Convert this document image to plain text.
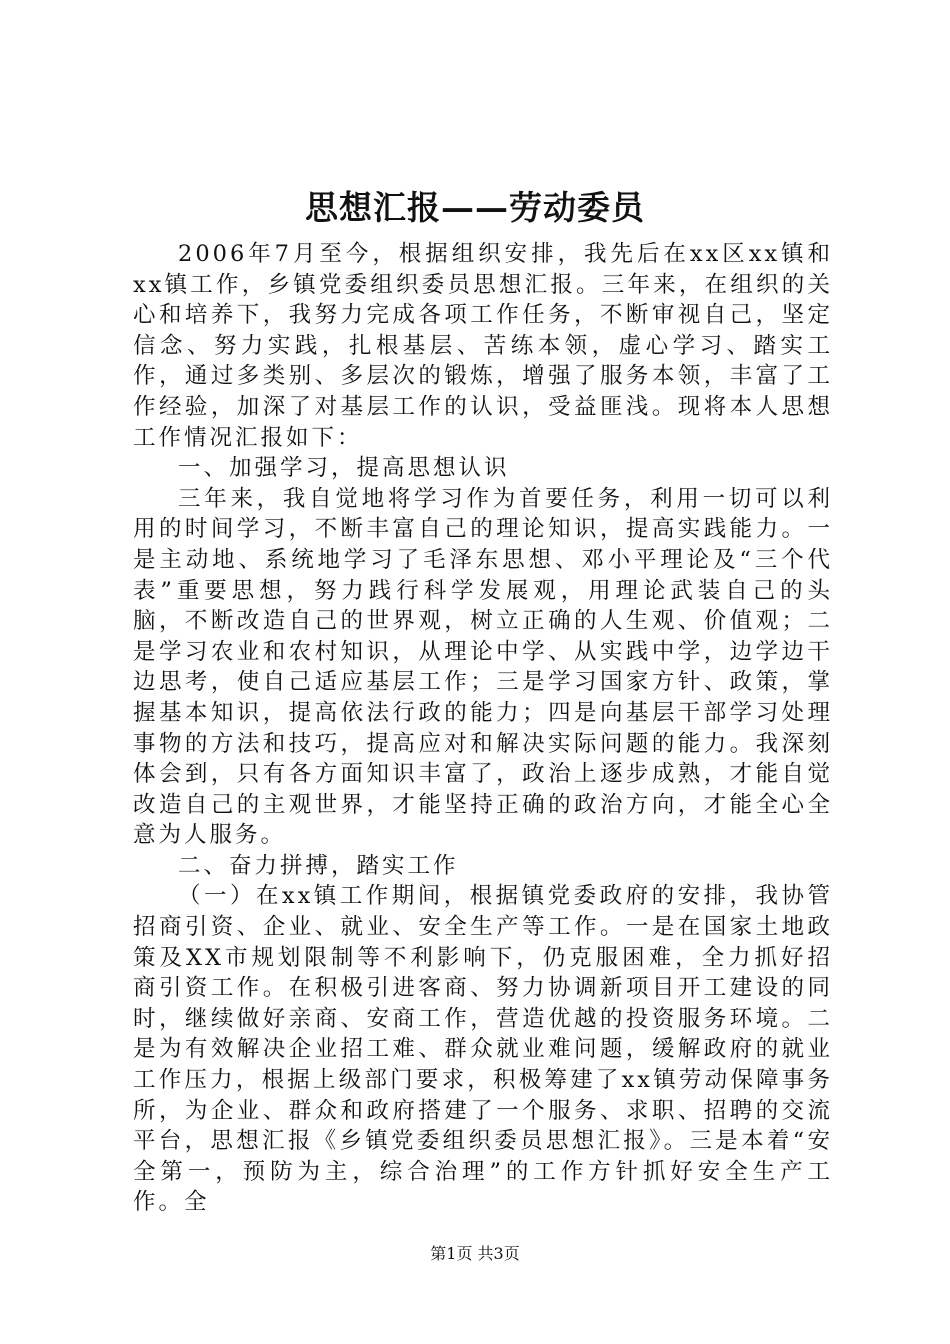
思想汇报——劳动委员

2006年7月至今，根据组织安排，我先后在xx区xx镇和xx镇工作，乡镇党委组织委员思想汇报。三年来，在组织的关心和培养下，我努力完成各项工作任务，不断审视自己，坚定信念、努力实践，扎根基层、苦练本领，虚心学习、踏实工作，通过多类别、多层次的锻炼，增强了服务本领，丰富了工作经验，加深了对基层工作的认识，受益匪浅。现将本人思想工作情况汇报如下：

一、加强学习，提高思想认识

三年来，我自觉地将学习作为首要任务，利用一切可以利用的时间学习，不断丰富自己的理论知识，提高实践能力。一是主动地、系统地学习了毛泽东思想、邓小平理论及“三个代表”重要思想，努力践行科学发展观，用理论武装自己的头脑，不断改造自己的世界观，树立正确的人生观、价值观；二是学习农业和农村知识，从理论中学、从实践中学，边学边干边思考，使自己适应基层工作；三是学习国家方针、政策，掌握基本知识，提高依法行政的能力；四是向基层干部学习处理事物的方法和技巧，提高应对和解决实际问题的能力。我深刻体会到，只有各方面知识丰富了，政治上逐步成熟，才能自觉改造自己的主观世界，才能坚持正确的政治方向，才能全心全意为人服务。

二、奋力拼搏，踏实工作

（一）在xx镇工作期间，根据镇党委政府的安排，我协管招商引资、企业、就业、安全生产等工作。一是在国家土地政策及XX市规划限制等不利影响下，仍克服困难，全力抓好招商引资工作。在积极引进客商、努力协调新项目开工建设的同时，继续做好亲商、安商工作，营造优越的投资服务环境。二是为有效解决企业招工难、群众就业难问题，缓解政府的就业工作压力，根据上级部门要求，积极筹建了xx镇劳动保障事务所，为企业、群众和政府搭建了一个服务、求职、招聘的交流平台，思想汇报《乡镇党委组织委员思想汇报》。三是本着“安全第一，预防为主，综合治理”的工作方针抓好安全生产工作。全

第1页 共3页
